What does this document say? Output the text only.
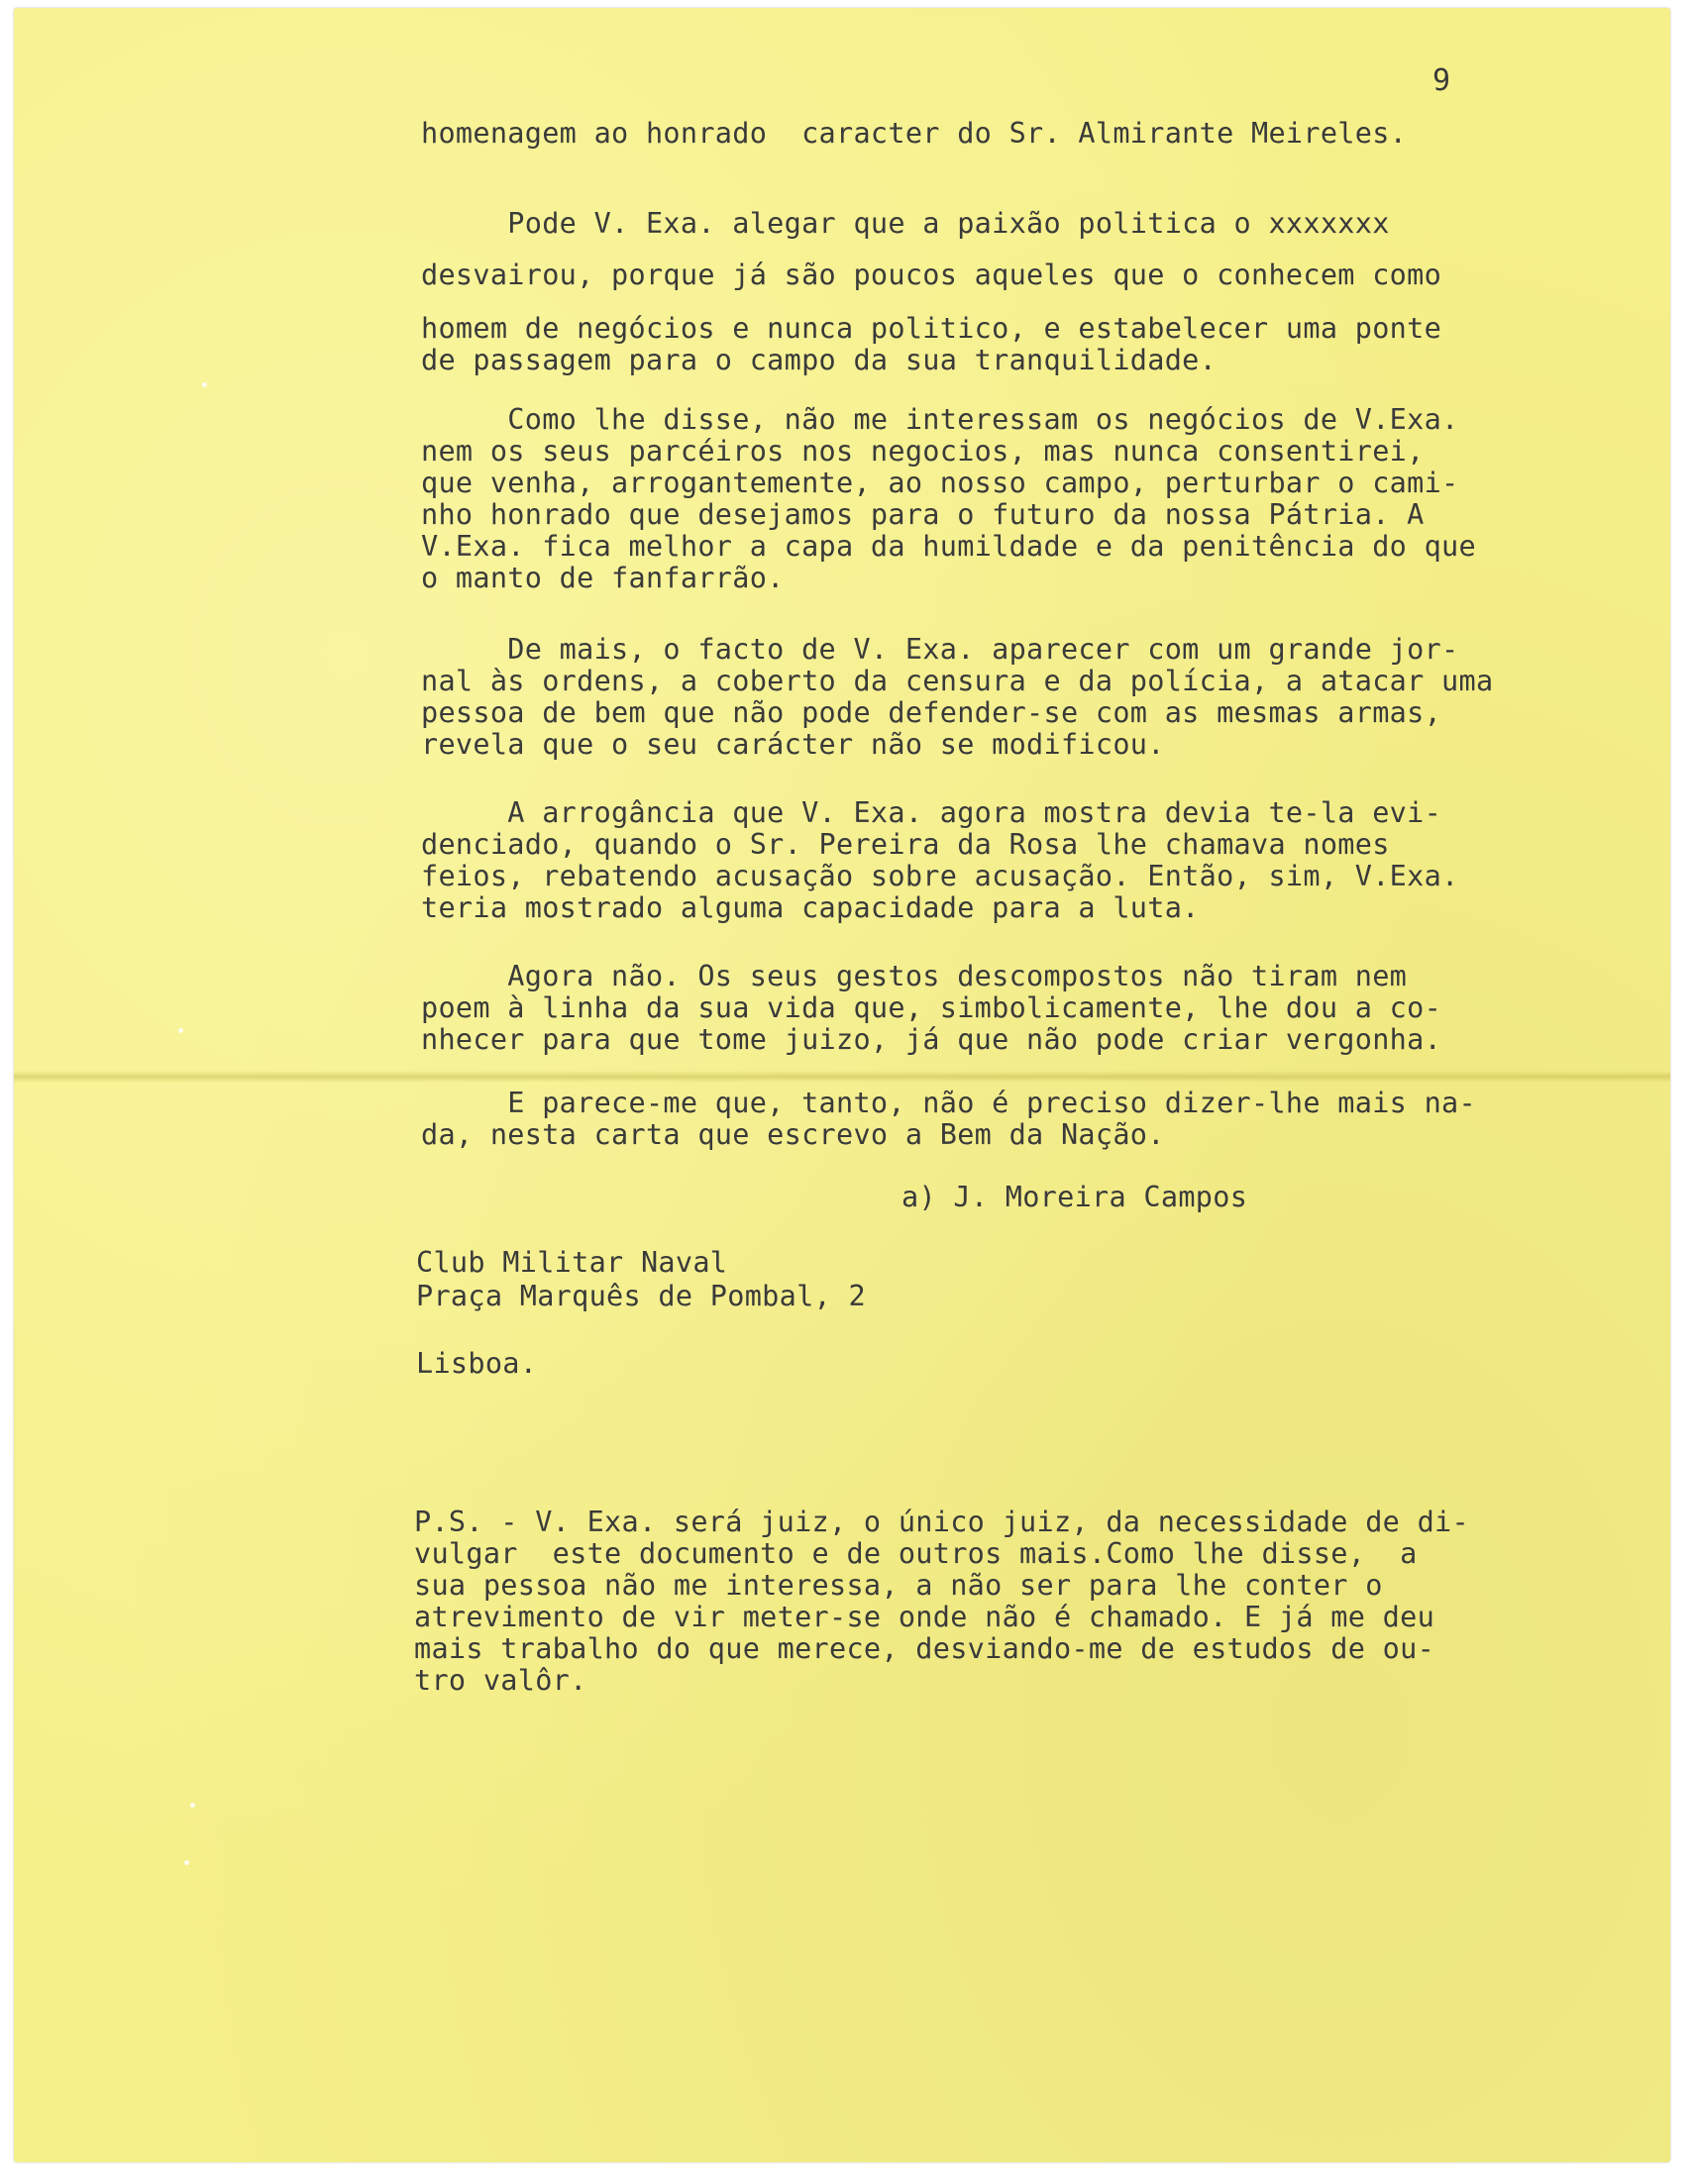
9
homenagem ao honrado  caracter do Sr. Almirante Meireles.

Pode V. Exa. alegar que a paixão politica o xxxxxxx

desvairou, porque já são poucos aqueles que o conhecem como

homem de negócios e nunca politico, e estabelecer uma ponte

de passagem para o campo da sua tranquilidade.

Como lhe disse, não me interessam os negócios de V.Exa.

nem os seus parcéiros nos negocios, mas nunca consentirei,

que venha, arrogantemente, ao nosso campo, perturbar o cami-

nho honrado que desejamos para o futuro da nossa Pátria. A

V.Exa. fica melhor a capa da humildade e da penitência do que

o manto de fanfarrão.

De mais, o facto de V. Exa. aparecer com um grande jor-

nal às ordens, a coberto da censura e da polícia, a atacar uma

pessoa de bem que não pode defender-se com as mesmas armas,

revela que o seu carácter não se modificou.

A arrogância que V. Exa. agora mostra devia te-la evi-

denciado, quando o Sr. Pereira da Rosa lhe chamava nomes

feios, rebatendo acusação sobre acusação. Então, sim, V.Exa.

teria mostrado alguma capacidade para a luta.

Agora não. Os seus gestos descompostos não tiram nem

poem à linha da sua vida que, simbolicamente, lhe dou a co-

nhecer para que tome juizo, já que não pode criar vergonha.

E parece-me que, tanto, não é preciso dizer-lhe mais na-

da, nesta carta que escrevo a Bem da Nação.

a) J. Moreira Campos

Club Militar Naval

Praça Marquês de Pombal, 2

Lisboa.

P.S. - V. Exa. será juiz, o único juiz, da necessidade de di-

vulgar  este documento e de outros mais.Como lhe disse,  a

sua pessoa não me interessa, a não ser para lhe conter o

atrevimento de vir meter-se onde não é chamado. E já me deu

mais trabalho do que merece, desviando-me de estudos de ou-

tro valôr.
